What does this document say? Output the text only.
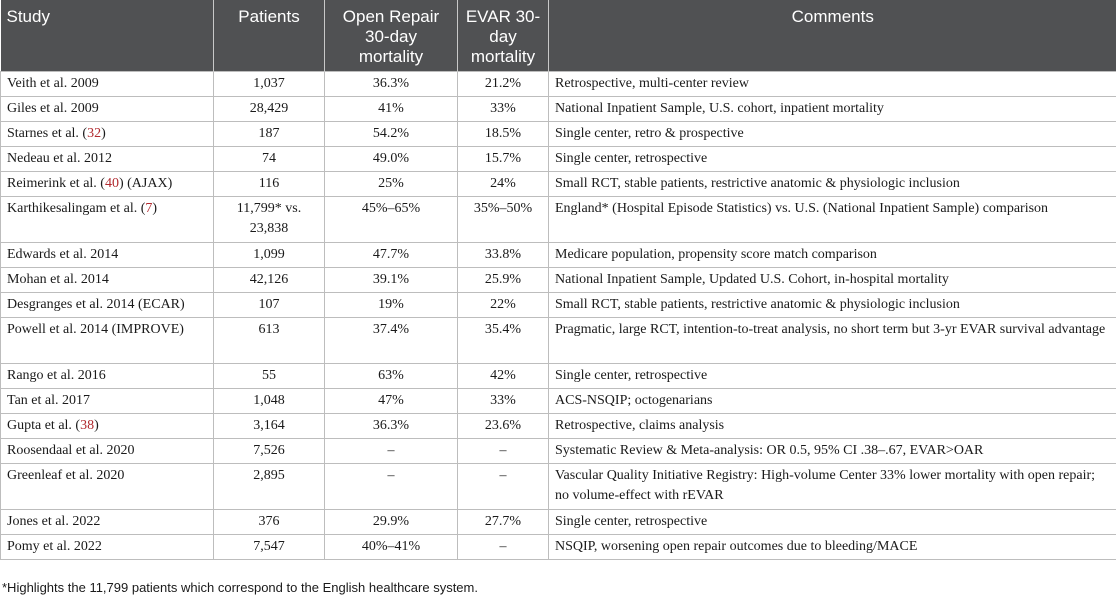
Study	Patients	Open Repair 30-day mortality	EVAR 30-day mortality	Comments
Veith et al. 2009	1,037	36.3%	21.2%	Retrospective, multi-center review
Giles et al. 2009	28,429	41%	33%	National Inpatient Sample, U.S. cohort, inpatient mortality
Starnes et al. (32)	187	54.2%	18.5%	Single center, retro & prospective
Nedeau et al. 2012	74	49.0%	15.7%	Single center, retrospective
Reimerink et al. (40) (AJAX)	116	25%	24%	Small RCT, stable patients, restrictive anatomic & physiologic inclusion
Karthikesalingam et al. (7)	11,799* vs. 23,838	45%–65%	35%–50%	England* (Hospital Episode Statistics) vs. U.S. (National Inpatient Sample) comparison
Edwards et al. 2014	1,099	47.7%	33.8%	Medicare population, propensity score match comparison
Mohan et al. 2014	42,126	39.1%	25.9%	National Inpatient Sample, Updated U.S. Cohort, in-hospital mortality
Desgranges et al. 2014 (ECAR)	107	19%	22%	Small RCT, stable patients, restrictive anatomic & physiologic inclusion
Powell et al. 2014 (IMPROVE)	613	37.4%	35.4%	Pragmatic, large RCT, intention-to-treat analysis, no short term but 3-yr EVAR survival advantage
Rango et al. 2016	55	63%	42%	Single center, retrospective
Tan et al. 2017	1,048	47%	33%	ACS-NSQIP; octogenarians
Gupta et al. (38)	3,164	36.3%	23.6%	Retrospective, claims analysis
Roosendaal et al. 2020	7,526	–	–	Systematic Review & Meta-analysis: OR 0.5, 95% CI .38–.67, EVAR>OAR
Greenleaf et al. 2020	2,895	–	–	Vascular Quality Initiative Registry: High-volume Center 33% lower mortality with open repair; no volume-effect with rEVAR
Jones et al. 2022	376	29.9%	27.7%	Single center, retrospective
Pomy et al. 2022	7,547	40%–41%	–	NSQIP, worsening open repair outcomes due to bleeding/MACE
*Highlights the 11,799 patients which correspond to the English healthcare system.
